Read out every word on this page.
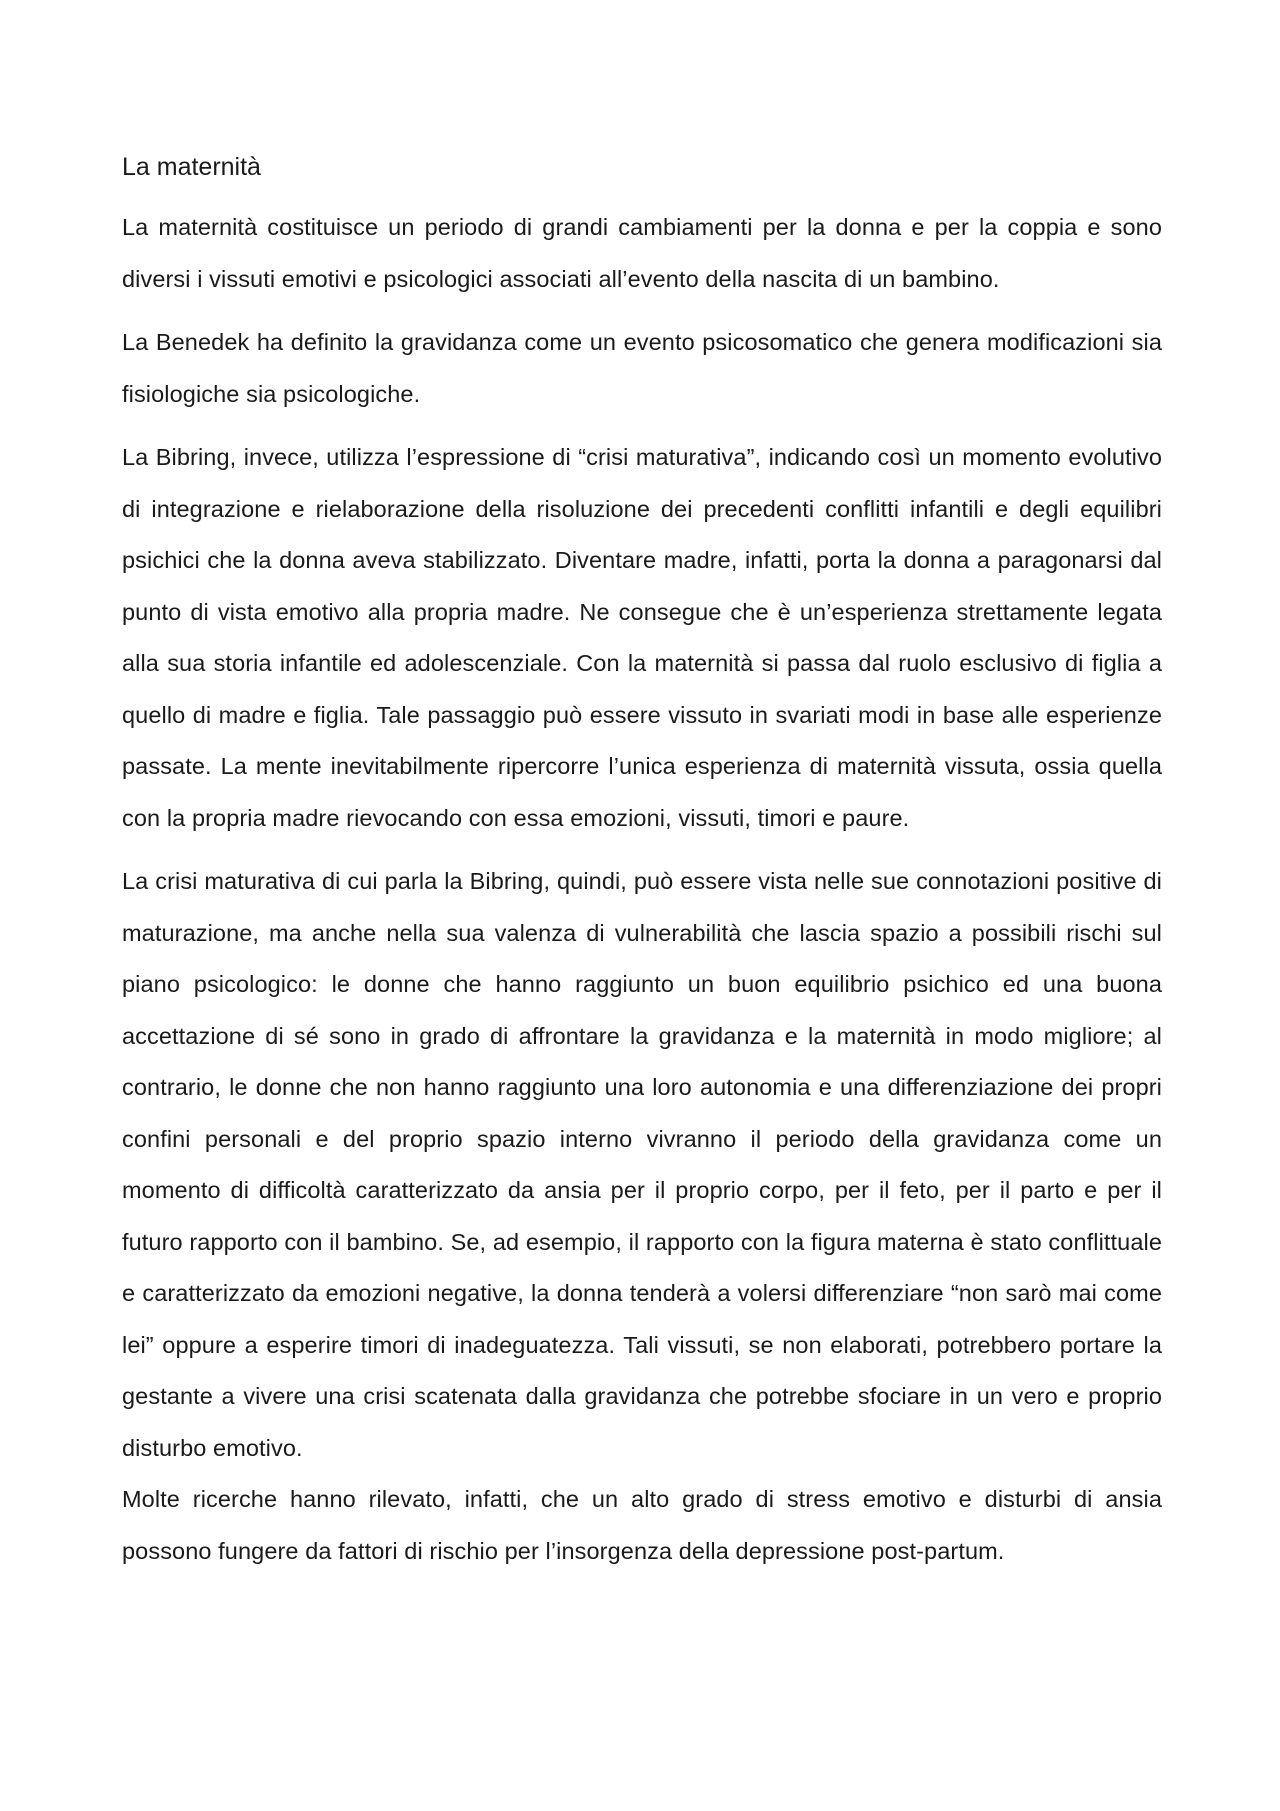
La maternità

La maternità costituisce un periodo di grandi cambiamenti per la donna e per la coppia e sono diversi i vissuti emotivi e psicologici associati all’evento della nascita di un bambino.

La Benedek ha definito la gravidanza come un evento psicosomatico che genera modificazioni sia fisiologiche sia psicologiche.

La Bibring, invece, utilizza l’espressione di “crisi maturativa”, indicando così un momento evolutivo di integrazione e rielaborazione della risoluzione dei precedenti conflitti infantili e degli equilibri psichici che la donna aveva stabilizzato. Diventare madre, infatti, porta la donna a paragonarsi dal punto di vista emotivo alla propria madre. Ne consegue che è un’esperienza strettamente legata alla sua storia infantile ed adolescenziale. Con la maternità si passa dal ruolo esclusivo di figlia a quello di madre e figlia. Tale passaggio può essere vissuto in svariati modi in base alle esperienze passate. La mente inevitabilmente ripercorre l’unica esperienza di maternità vissuta, ossia quella con la propria madre rievocando con essa emozioni, vissuti, timori e paure.

La crisi maturativa di cui parla la Bibring, quindi, può essere vista nelle sue connotazioni positive di maturazione, ma anche nella sua valenza di vulnerabilità che lascia spazio a possibili rischi sul piano psicologico: le donne che hanno raggiunto un buon equilibrio psichico ed una buona accettazione di sé sono in grado di affrontare la gravidanza e la maternità in modo migliore; al contrario, le donne che non hanno raggiunto una loro autonomia e una differenziazione dei propri confini personali e del proprio spazio interno vivranno il periodo della gravidanza come un momento di difficoltà caratterizzato da ansia per il proprio corpo, per il feto, per il parto e per il futuro rapporto con il bambino. Se, ad esempio, il rapporto con la figura materna è stato conflittuale e caratterizzato da emozioni negative, la donna tenderà a volersi differenziare “non sarò mai come lei” oppure a esperire timori di inadeguatezza. Tali vissuti, se non elaborati, potrebbero portare la gestante a vivere una crisi scatenata dalla gravidanza che potrebbe sfociare in un vero e proprio disturbo emotivo.

Molte ricerche hanno rilevato, infatti, che un alto grado di stress emotivo e disturbi di ansia possono fungere da fattori di rischio per l’insorgenza della depressione post-partum.
